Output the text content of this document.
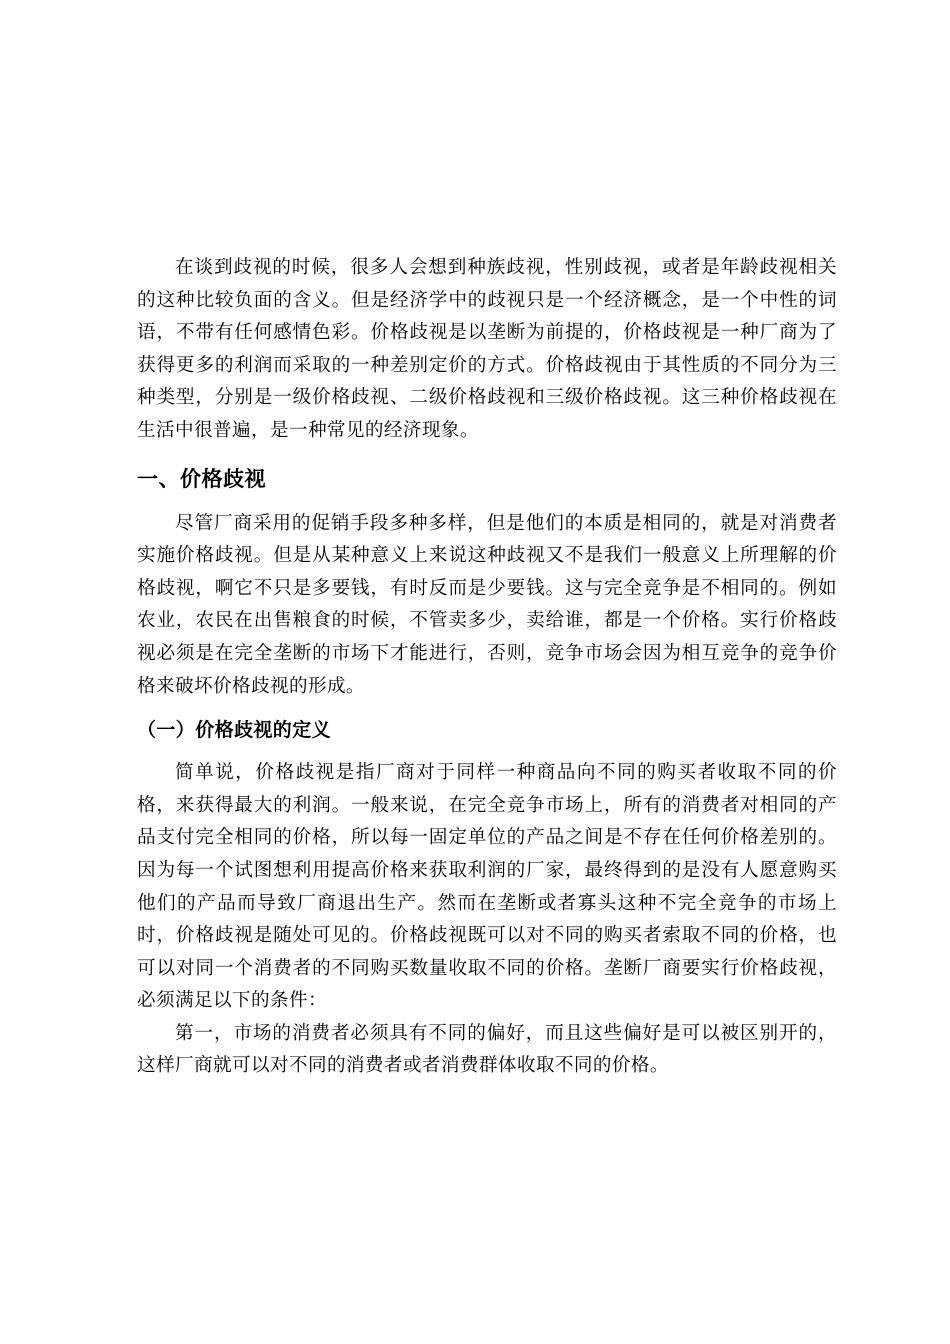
在谈到歧视的时候，很多人会想到种族歧视，性别歧视，或者是年龄歧视相关的这种比较负面的含义。但是经济学中的歧视只是一个经济概念，是一个中性的词语，不带有任何感情色彩。价格歧视是以垄断为前提的，价格歧视是一种厂商为了获得更多的利润而采取的一种差别定价的方式。价格歧视由于其性质的不同分为三种类型，分别是一级价格歧视、二级价格歧视和三级价格歧视。这三种价格歧视在生活中很普遍，是一种常见的经济现象。

一、价格歧视

尽管厂商采用的促销手段多种多样，但是他们的本质是相同的，就是对消费者实施价格歧视。但是从某种意义上来说这种歧视又不是我们一般意义上所理解的价格歧视，啊它不只是多要钱，有时反而是少要钱。这与完全竞争是不相同的。例如农业，农民在出售粮食的时候，不管卖多少，卖给谁，都是一个价格。实行价格歧视必须是在完全垄断的市场下才能进行，否则，竞争市场会因为相互竞争的竞争价格来破坏价格歧视的形成。

（一）价格歧视的定义

简单说，价格歧视是指厂商对于同样一种商品向不同的购买者收取不同的价格，来获得最大的利润。一般来说，在完全竞争市场上，所有的消费者对相同的产品支付完全相同的价格，所以每一固定单位的产品之间是不存在任何价格差别的。因为每一个试图想利用提高价格来获取利润的厂家，最终得到的是没有人愿意购买他们的产品而导致厂商退出生产。然而在垄断或者寡头这种不完全竞争的市场上时，价格歧视是随处可见的。价格歧视既可以对不同的购买者索取不同的价格，也可以对同一个消费者的不同购买数量收取不同的价格。垄断厂商要实行价格歧视，必须满足以下的条件：

第一，市场的消费者必须具有不同的偏好，而且这些偏好是可以被区别开的，这样厂商就可以对不同的消费者或者消费群体收取不同的价格。
